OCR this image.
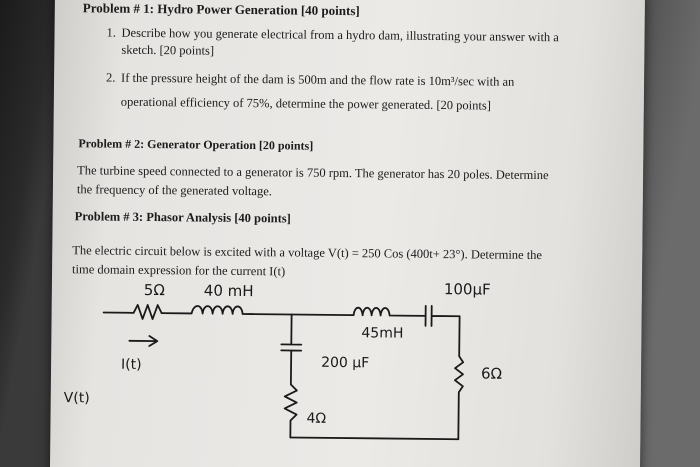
Problem # 1: Hydro Power Generation [40 points]
1. Describe how you generate electrical from a hydro dam, illustrating your answer with a
sketch. [20 points]
2. If the pressure height of the dam is 500m and the flow rate is 10m³/sec with an
operational efficiency of 75%, determine the power generated. [20 points]
Problem # 2: Generator Operation [20 points]
The turbine speed connected to a generator is 750 rpm. The generator has 20 poles. Determine
the frequency of the generated voltage.
Problem # 3: Phasor Analysis [40 points]
The electric circuit below is excited with a voltage V(t) = 250 Cos (400t+ 23°). Determine the
time domain expression for the current I(t)
5Ω	40 mH	100μF
45mH
I(t)	200 μF
6Ω
V(t)
4Ω
